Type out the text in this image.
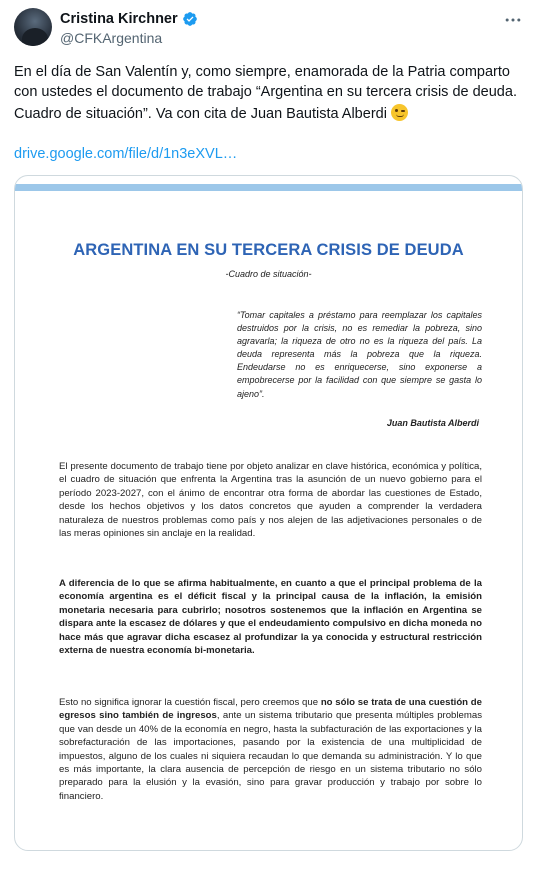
Cristina Kirchner
@CFKArgentina
En el día de San Valentín y, como siempre, enamorada de la Patria comparto con ustedes el documento de trabajo “Argentina en su tercera crisis de deuda. Cuadro de situación”. Va con cita de Juan Bautista Alberdi
drive.google.com/file/d/1n3eXVL…
ARGENTINA EN SU TERCERA CRISIS DE DEUDA
-Cuadro de situación-
“Tomar capitales a préstamo para reemplazar los capitales destruidos por la crisis, no es remediar la pobreza, sino agravarla; la riqueza de otro no es la riqueza del país. La deuda representa más la pobreza que la riqueza. Endeudarse no es enriquecerse, sino exponerse a empobrecerse por la facilidad con que siempre se gasta lo ajeno”.
Juan Bautista Alberdi
El presente documento de trabajo tiene por objeto analizar en clave histórica, económica y política, el cuadro de situación que enfrenta la Argentina tras la asunción de un nuevo gobierno para el período 2023-2027, con el ánimo de encontrar otra forma de abordar las cuestiones de Estado, desde los hechos objetivos y los datos concretos que ayuden a comprender la verdadera naturaleza de nuestros problemas como país y nos alejen de las adjetivaciones personales o de las meras opiniones sin anclaje en la realidad.
A diferencia de lo que se afirma habitualmente, en cuanto a que el principal problema de la economía argentina es el déficit fiscal y la principal causa de la inflación, la emisión monetaria necesaria para cubrirlo; nosotros sostenemos que la inflación en Argentina se dispara ante la escasez de dólares y que el endeudamiento compulsivo en dicha moneda no hace más que agravar dicha escasez al profundizar la ya conocida y estructural restricción externa de nuestra economía bi-monetaria.
Esto no significa ignorar la cuestión fiscal, pero creemos que no sólo se trata de una cuestión de egresos sino también de ingresos, ante un sistema tributario que presenta múltiples problemas que van desde un 40% de la economía en negro, hasta la subfacturación de las exportaciones y la sobrefacturación de las importaciones, pasando por la existencia de una multiplicidad de impuestos, alguno de los cuales ni siquiera recaudan lo que demanda su administración. Y lo que es más importante, la clara ausencia de percepción de riesgo en un sistema tributario no sólo preparado para la elusión y la evasión, sino para gravar producción y trabajo por sobre lo financiero.
